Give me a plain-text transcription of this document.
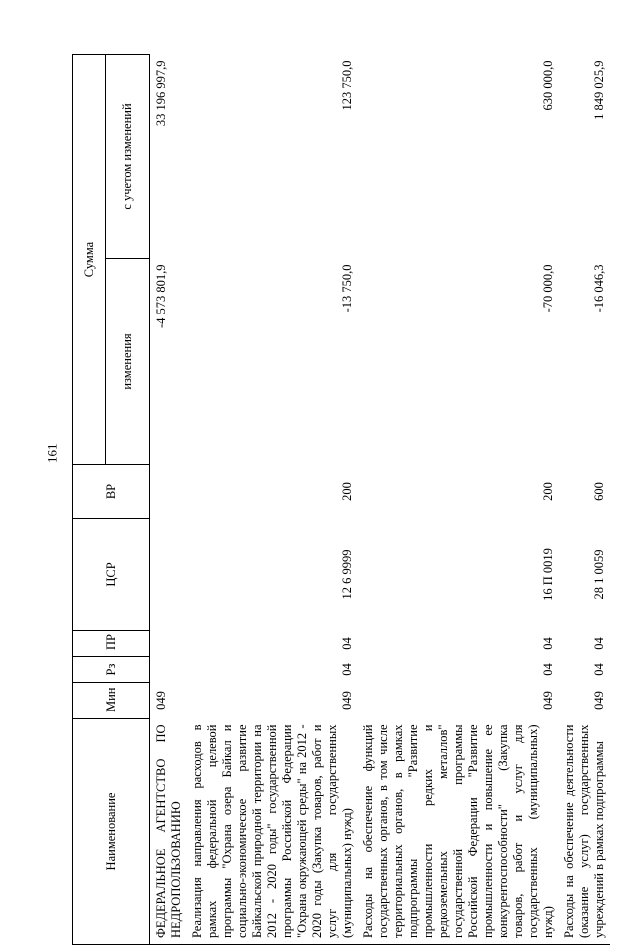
161
Наименование	Мин	Рз	ПР	ЦСР	ВР	Сумма	
						изменения	с учетом изменений
ФЕДЕРАЛЬНОЕ АГЕНТСТВО ПО НЕДРОПОЛЬЗОВАНИЮ	049					-4 573 801,9	33 196 997,9
Реализация направления расходов в рамках федеральной целевой программы "Охрана озера Байкал и социально-экономическое развитие Байкальской природной территории на 2012 - 2020 годы" государственной программы Российской Федерации "Охрана окружающей среды" на 2012 - 2020 годы (Закупка товаров, работ и услуг для государственных (муниципальных) нужд)	049	04	04	12 6 9999	200	-13 750,0	123 750,0
Расходы на обеспечение функций государственных органов, в том числе территориальных органов, в рамках подпрограммы "Развитие промышленности редких и редкоземельных металлов" государственной программы Российской Федерации "Развитие промышленности и повышение ее конкурентоспособности" (Закупка товаров, работ и услуг для государственных (муниципальных) нужд)	049	04	04	16 П 0019	200	-70 000,0	630 000,0
Расходы на обеспечение деятельности (оказание услуг) государственных учреждений в рамках подпрограммы	049	04	04	28 1 0059	600	-16 046,3	1 849 025,9
